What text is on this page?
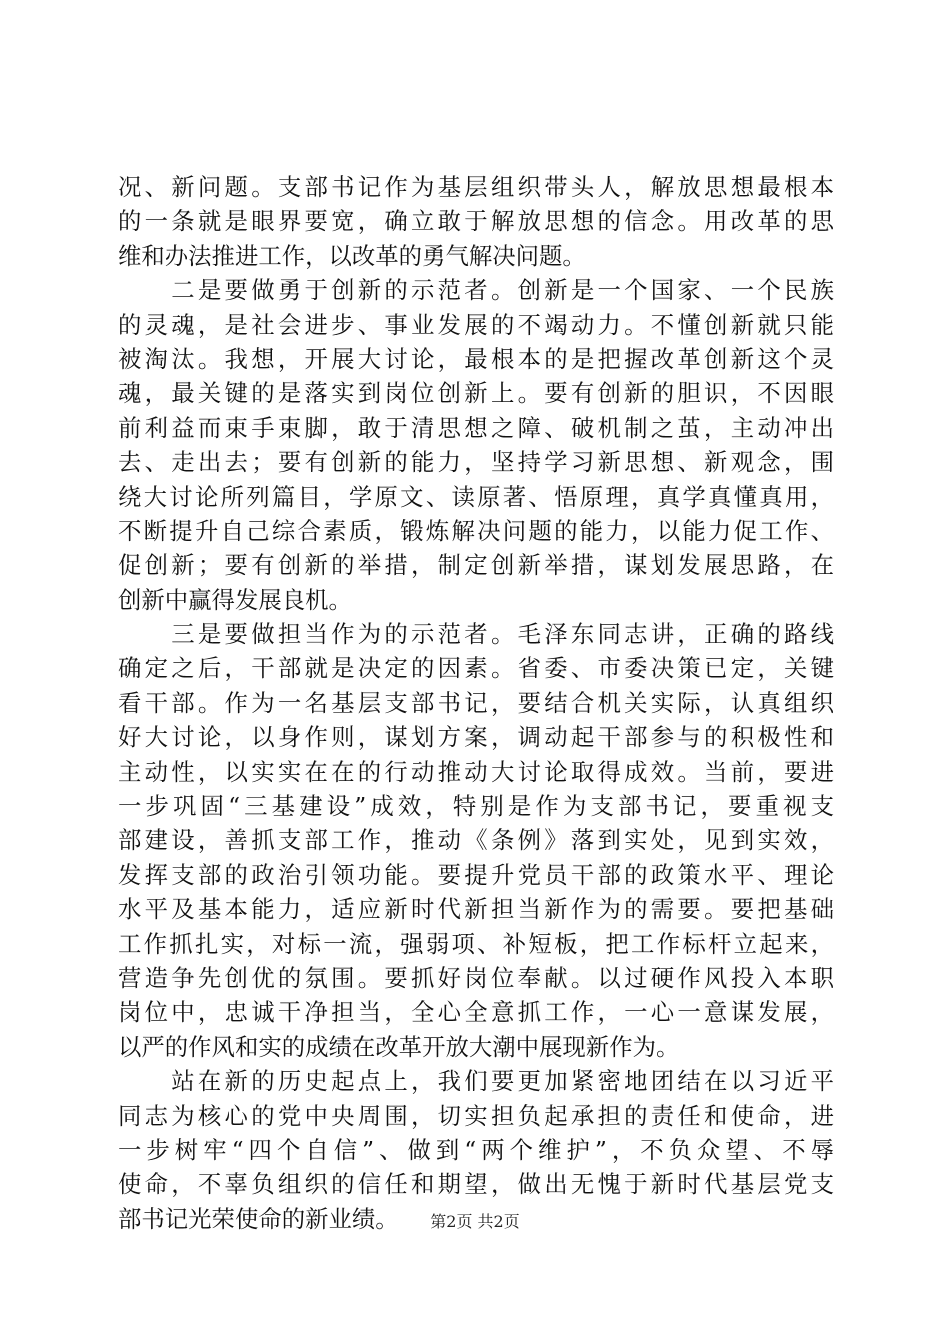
况、新问题。支部书记作为基层组织带头人，解放思想最根本
的一条就是眼界要宽，确立敢于解放思想的信念。用改革的思
维和办法推进工作，以改革的勇气解决问题。
　　二是要做勇于创新的示范者。创新是一个国家、一个民族
的灵魂，是社会进步、事业发展的不竭动力。不懂创新就只能
被淘汰。我想，开展大讨论，最根本的是把握改革创新这个灵
魂，最关键的是落实到岗位创新上。要有创新的胆识，不因眼
前利益而束手束脚，敢于清思想之障、破机制之茧，主动冲出
去、走出去；要有创新的能力，坚持学习新思想、新观念，围
绕大讨论所列篇目，学原文、读原著、悟原理，真学真懂真用，
不断提升自己综合素质，锻炼解决问题的能力，以能力促工作、
促创新；要有创新的举措，制定创新举措，谋划发展思路，在
创新中赢得发展良机。
　　三是要做担当作为的示范者。毛泽东同志讲，正确的路线
确定之后，干部就是决定的因素。省委、市委决策已定，关键
看干部。作为一名基层支部书记，要结合机关实际，认真组织
好大讨论，以身作则，谋划方案，调动起干部参与的积极性和
主动性，以实实在在的行动推动大讨论取得成效。当前，要进
一步巩固“三基建设”成效，特别是作为支部书记，要重视支
部建设，善抓支部工作，推动《条例》落到实处，见到实效，
发挥支部的政治引领功能。要提升党员干部的政策水平、理论
水平及基本能力，适应新时代新担当新作为的需要。要把基础
工作抓扎实，对标一流，强弱项、补短板，把工作标杆立起来，
营造争先创优的氛围。要抓好岗位奉献。以过硬作风投入本职
岗位中，忠诚干净担当，全心全意抓工作，一心一意谋发展，
以严的作风和实的成绩在改革开放大潮中展现新作为。
　　站在新的历史起点上，我们要更加紧密地团结在以习近平
同志为核心的党中央周围，切实担负起承担的责任和使命，进
一步树牢“四个自信”、做到“两个维护”，不负众望、不辱
使命，不辜负组织的信任和期望，做出无愧于新时代基层党支
部书记光荣使命的新业绩。	第2页 共2页
